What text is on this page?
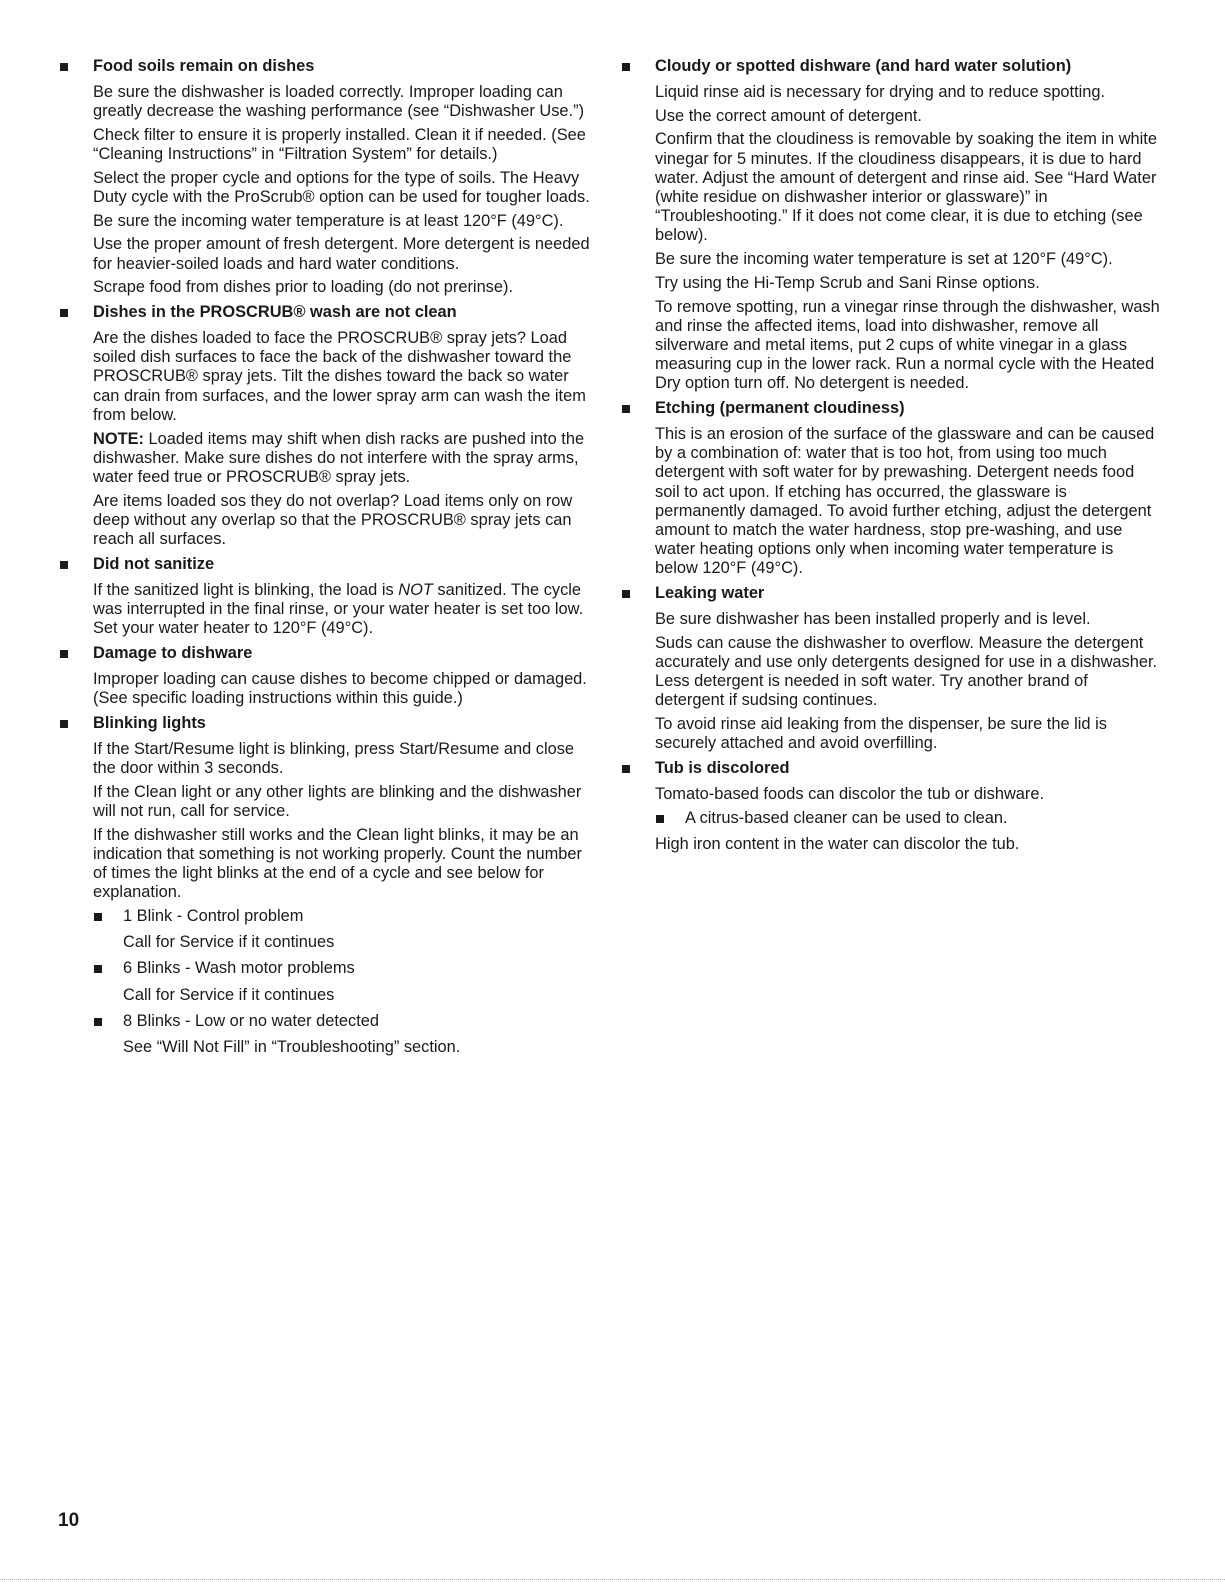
Food soils remain on dishes

Be sure the dishwasher is loaded correctly. Improper loading can greatly decrease the washing performance (see “Dishwasher Use.”)

Check filter to ensure it is properly installed. Clean it if needed. (See “Cleaning Instructions” in “Filtration System” for details.)

Select the proper cycle and options for the type of soils. The Heavy Duty cycle with the ProScrub® option can be used for tougher loads.

Be sure the incoming water temperature is at least 120°F (49°C).

Use the proper amount of fresh detergent. More detergent is needed for heavier-soiled loads and hard water conditions.

Scrape food from dishes prior to loading (do not prerinse).

Dishes in the PROSCRUB® wash are not clean

Are the dishes loaded to face the PROSCRUB® spray jets? Load soiled dish surfaces to face the back of the dishwasher toward the PROSCRUB® spray jets. Tilt the dishes toward the back so water can drain from surfaces, and the lower spray arm can wash the item from below.

NOTE: Loaded items may shift when dish racks are pushed into the dishwasher. Make sure dishes do not interfere with the spray arms, water feed true or PROSCRUB® spray jets.

Are items loaded sos they do not overlap? Load items only on row deep without any overlap so that the PROSCRUB® spray jets can reach all surfaces.

Did not sanitize

If the sanitized light is blinking, the load is NOT sanitized. The cycle was interrupted in the final rinse, or your water heater is set too low. Set your water heater to 120°F (49°C).

Damage to dishware

Improper loading can cause dishes to become chipped or damaged. (See specific loading instructions within this guide.)

Blinking lights

If the Start/Resume light is blinking, press Start/Resume and close the door within 3 seconds.

If the Clean light or any other lights are blinking and the dishwasher will not run, call for service.

If the dishwasher still works and the Clean light blinks, it may be an indication that something is not working properly. Count the number of times the light blinks at the end of a cycle and see below for explanation.

1 Blink - Control problem

Call for Service if it continues

6 Blinks - Wash motor problems

Call for Service if it continues

8 Blinks - Low or no water detected

See “Will Not Fill” in “Troubleshooting” section.

Cloudy or spotted dishware (and hard water solution)

Liquid rinse aid is necessary for drying and to reduce spotting.

Use the correct amount of detergent.

Confirm that the cloudiness is removable by soaking the item in white vinegar for 5 minutes. If the cloudiness disappears, it is due to hard water. Adjust the amount of detergent and rinse aid. See “Hard Water (white residue on dishwasher interior or glassware)” in “Troubleshooting.” If it does not come clear, it is due to etching (see below).

Be sure the incoming water temperature is set at 120°F (49°C).

Try using the Hi-Temp Scrub and Sani Rinse options.

To remove spotting, run a vinegar rinse through the dishwasher, wash and rinse the affected items, load into dishwasher, remove all silverware and metal items, put 2 cups of white vinegar in a glass measuring cup in the lower rack. Run a normal cycle with the Heated Dry option turn off. No detergent is needed.

Etching (permanent cloudiness)

This is an erosion of the surface of the glassware and can be caused by a combination of: water that is too hot, from using too much detergent with soft water for by prewashing. Detergent needs food soil to act upon. If etching has occurred, the glassware is permanently damaged. To avoid further etching, adjust the detergent amount to match the water hardness, stop pre-washing, and use water heating options only when incoming water temperature is below 120°F (49°C).

Leaking water

Be sure dishwasher has been installed properly and is level.

Suds can cause the dishwasher to overflow. Measure the detergent accurately and use only detergents designed for use in a dishwasher. Less detergent is needed in soft water. Try another brand of detergent if sudsing continues.

To avoid rinse aid leaking from the dispenser, be sure the lid is securely attached and avoid overfilling.

Tub is discolored

Tomato-based foods can discolor the tub or dishware.

A citrus-based cleaner can be used to clean.

High iron content in the water can discolor the tub.

10
